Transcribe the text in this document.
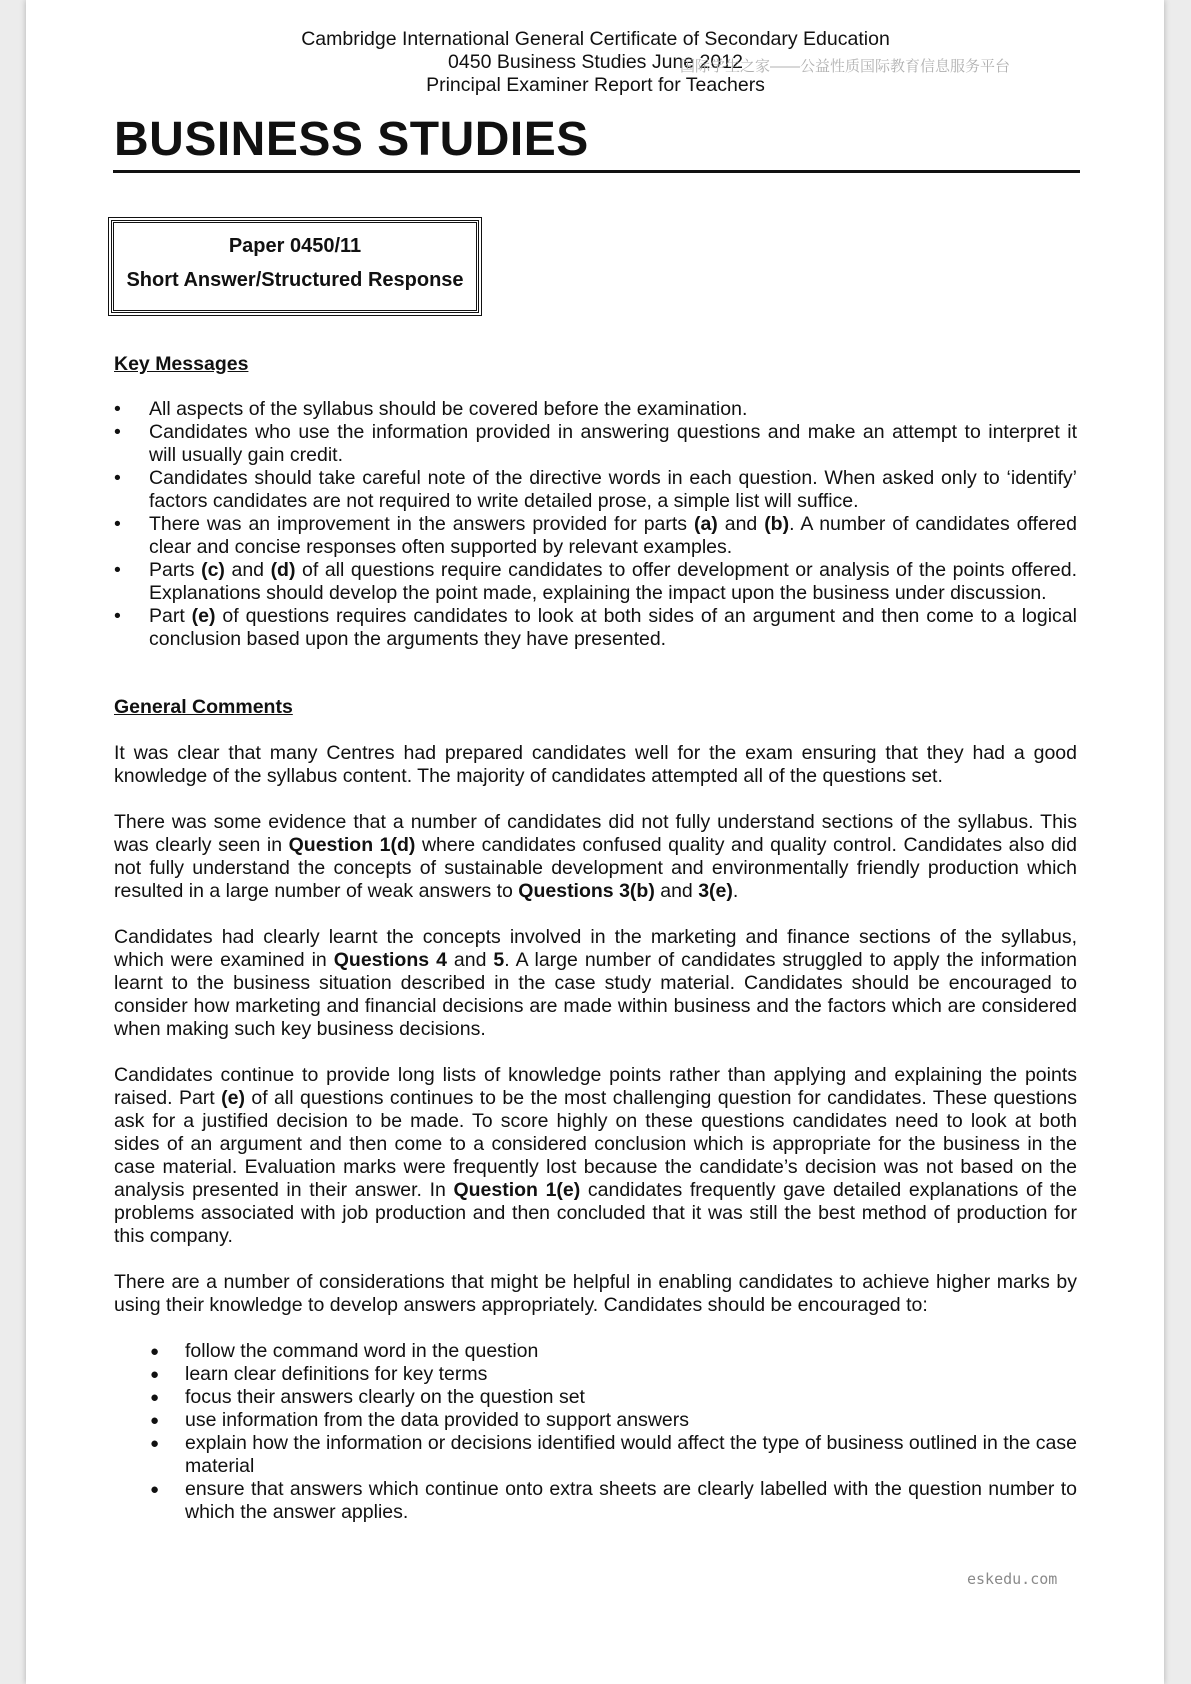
Cambridge International General Certificate of Secondary Education
0450 Business Studies June 2012
Principal Examiner Report for Teachers
国际学生之家——公益性质国际教育信息服务平台
BUSINESS STUDIES
Paper 0450/11
Short Answer/Structured Response
Key Messages
• All aspects of the syllabus should be covered before the examination.
• Candidates who use the information provided in answering questions and make an attempt to interpret it will usually gain credit.
• Candidates should take careful note of the directive words in each question. When asked only to ‘identify’ factors candidates are not required to write detailed prose, a simple list will suffice.
• There was an improvement in the answers provided for parts (a) and (b). A number of candidates offered clear and concise responses often supported by relevant examples.
• Parts (c) and (d) of all questions require candidates to offer development or analysis of the points offered. Explanations should develop the point made, explaining the impact upon the business under discussion.
• Part (e) of questions requires candidates to look at both sides of an argument and then come to a logical conclusion based upon the arguments they have presented.
General Comments

It was clear that many Centres had prepared candidates well for the exam ensuring that they had a good knowledge of the syllabus content. The majority of candidates attempted all of the questions set.

There was some evidence that a number of candidates did not fully understand sections of the syllabus. This was clearly seen in Question 1(d) where candidates confused quality and quality control. Candidates also did not fully understand the concepts of sustainable development and environmentally friendly production which resulted in a large number of weak answers to Questions 3(b) and 3(e).

Candidates had clearly learnt the concepts involved in the marketing and finance sections of the syllabus, which were examined in Questions 4 and 5. A large number of candidates struggled to apply the information learnt to the business situation described in the case study material. Candidates should be encouraged to consider how marketing and financial decisions are made within business and the factors which are considered when making such key business decisions.

Candidates continue to provide long lists of knowledge points rather than applying and explaining the points raised. Part (e) of all questions continues to be the most challenging question for candidates. These questions ask for a justified decision to be made. To score highly on these questions candidates need to look at both sides of an argument and then come to a considered conclusion which is appropriate for the business in the case material. Evaluation marks were frequently lost because the candidate’s decision was not based on the analysis presented in their answer. In Question 1(e) candidates frequently gave detailed explanations of the problems associated with job production and then concluded that it was still the best method of production for this company.

There are a number of considerations that might be helpful in enabling candidates to achieve higher marks by using their knowledge to develop answers appropriately. Candidates should be encouraged to:

● follow the command word in the question
● learn clear definitions for key terms
● focus their answers clearly on the question set
● use information from the data provided to support answers
● explain how the information or decisions identified would affect the type of business outlined in the case material
● ensure that answers which continue onto extra sheets are clearly labelled with the question number to which the answer applies.
eskedu.com
